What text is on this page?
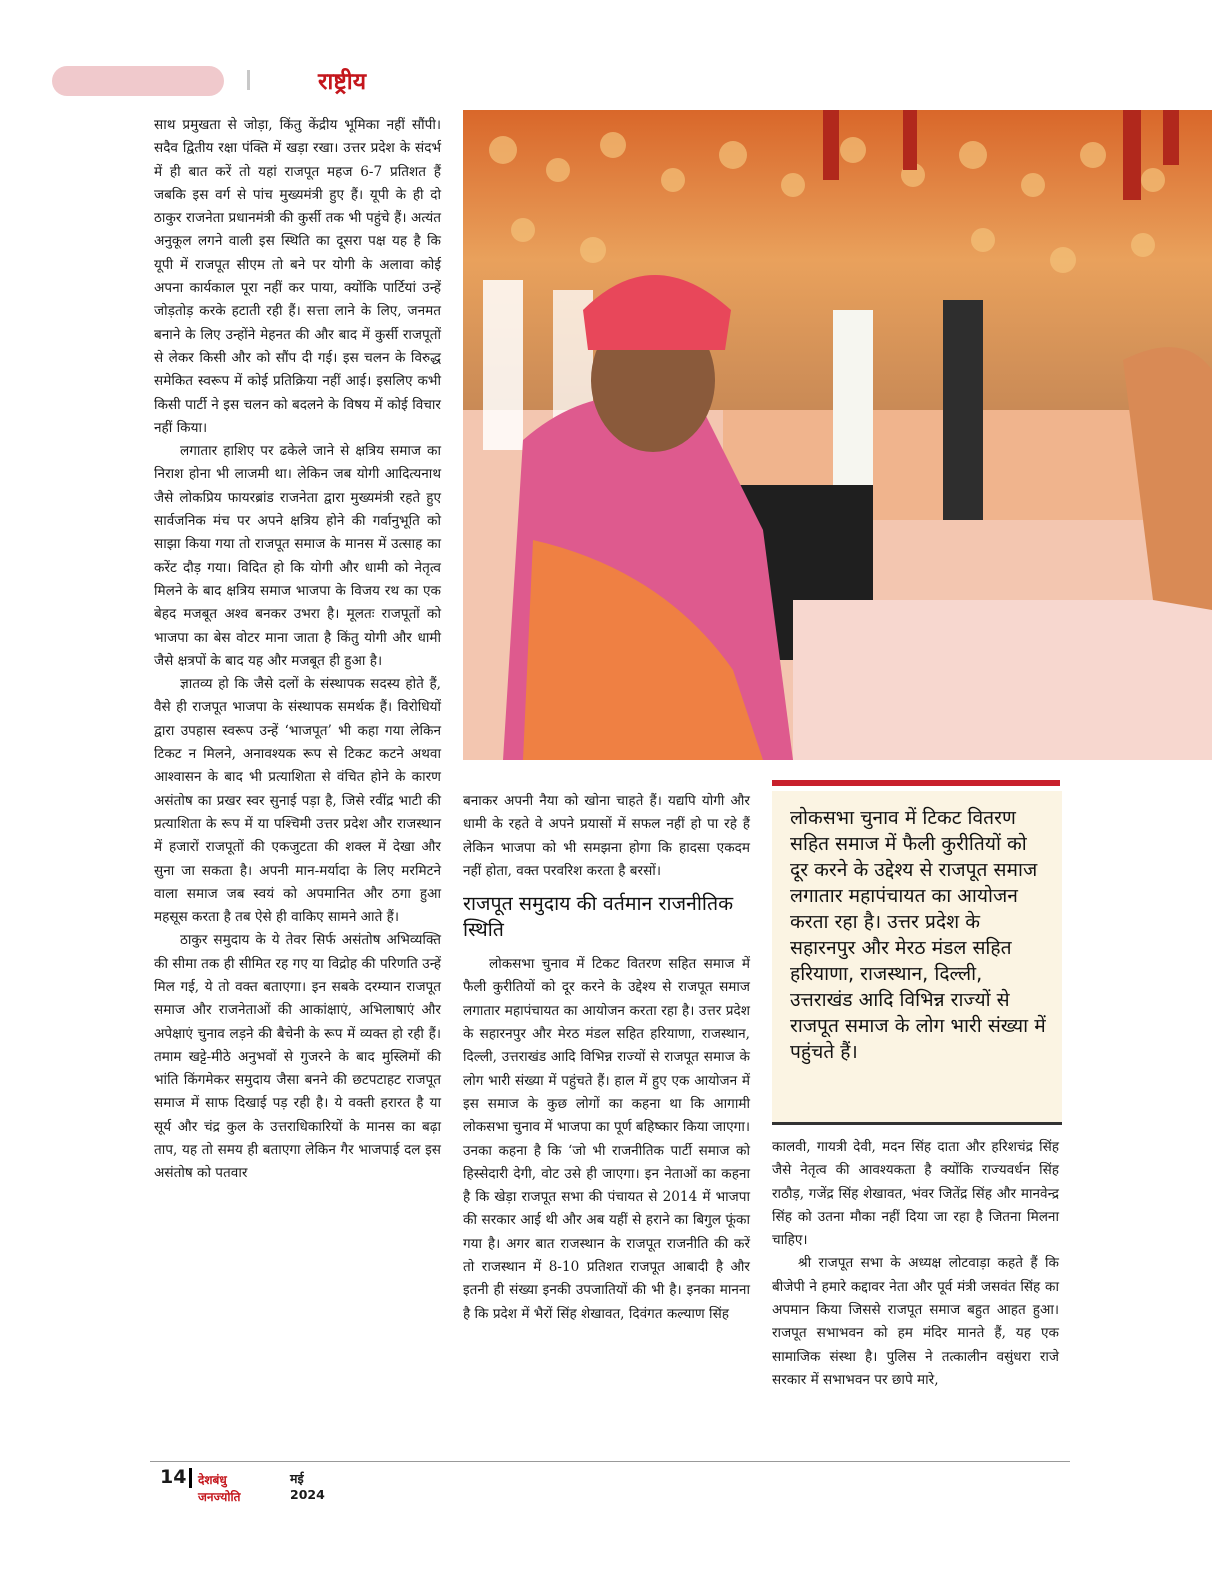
राष्ट्रीय

साथ प्रमुखता से जोड़ा, किंतु केंद्रीय भूमिका नहीं सौंपी। सदैव द्वितीय रक्षा पंक्ति में खड़ा रखा। उत्तर प्रदेश के संदर्भ में ही बात करें तो यहां राजपूत महज 6-7 प्रतिशत हैं जबकि इस वर्ग से पांच मुख्यमंत्री हुए हैं। यूपी के ही दो ठाकुर राजनेता प्रधानमंत्री की कुर्सी तक भी पहुंचे हैं। अत्यंत अनुकूल लगने वाली इस स्थिति का दूसरा पक्ष यह है कि यूपी में राजपूत सीएम तो बने पर योगी के अलावा कोई अपना कार्यकाल पूरा नहीं कर पाया, क्योंकि पार्टियां उन्हें जोड़तोड़ करके हटाती रही हैं। सत्ता लाने के लिए, जनमत बनाने के लिए उन्होंने मेहनत की और बाद में कुर्सी राजपूतों से लेकर किसी और को सौंप दी गई। इस चलन के विरुद्ध समेकित स्वरूप में कोई प्रतिक्रिया नहीं आई। इसलिए कभी किसी पार्टी ने इस चलन को बदलने के विषय में कोई विचार नहीं किया।

लगातार हाशिए पर ढकेले जाने से क्षत्रिय समाज का निराश होना भी लाजमी था। लेकिन जब योगी आदित्यनाथ जैसे लोकप्रिय फायरब्रांड राजनेता द्वारा मुख्यमंत्री रहते हुए सार्वजनिक मंच पर अपने क्षत्रिय होने की गर्वानुभूति को साझा किया गया तो राजपूत समाज के मानस में उत्साह का करेंट दौड़ गया। विदित हो कि योगी और धामी को नेतृत्व मिलने के बाद क्षत्रिय समाज भाजपा के विजय रथ का एक बेहद मजबूत अश्व बनकर उभरा है। मूलतः राजपूतों को भाजपा का बेस वोटर माना जाता है किंतु योगी और धामी जैसे क्षत्रपों के बाद यह और मजबूत ही हुआ है।

ज्ञातव्य हो कि जैसे दलों के संस्थापक सदस्य होते हैं, वैसे ही राजपूत भाजपा के संस्थापक समर्थक हैं। विरोधियों द्वारा उपहास स्वरूप उन्हें ‘भाजपूत’ भी कहा गया लेकिन टिकट न मिलने, अनावश्यक रूप से टिकट कटने अथवा आश्वासन के बाद भी प्रत्याशिता से वंचित होने के कारण असंतोष का प्रखर स्वर सुनाई पड़ा है, जिसे रवींद्र भाटी की प्रत्याशिता के रूप में या पश्चिमी उत्तर प्रदेश और राजस्थान में हजारों राजपूतों की एकजुटता की शक्ल में देखा और सुना जा सकता है। अपनी मान-मर्यादा के लिए मरमिटने वाला समाज जब स्वयं को अपमानित और ठगा हुआ महसूस करता है तब ऐसे ही वाकिए सामने आते हैं।

ठाकुर समुदाय के ये तेवर सिर्फ असंतोष अभिव्यक्ति की सीमा तक ही सीमित रह गए या विद्रोह की परिणति उन्हें मिल गई, ये तो वक्त बताएगा। इन सबके दरम्यान राजपूत समाज और राजनेताओं की आकांक्षाएं, अभिलाषाएं और अपेक्षाएं चुनाव लड़ने की बैचेनी के रूप में व्यक्त हो रही हैं। तमाम खट्टे-मीठे अनुभवों से गुजरने के बाद मुस्लिमों की भांति किंगमेकर समुदाय जैसा बनने की छटपटाहट राजपूत समाज में साफ दिखाई पड़ रही है। ये वक्ती हरारत है या सूर्य और चंद्र कुल के उत्तराधिकारियों के मानस का बढ़ा ताप, यह तो समय ही बताएगा लेकिन गैर भाजपाई दल इस असंतोष को पतवार

बनाकर अपनी नैया को खोना चाहते हैं। यद्यपि योगी और धामी के रहते वे अपने प्रयासों में सफल नहीं हो पा रहे हैं लेकिन भाजपा को भी समझना होगा कि हादसा एकदम नहीं होता, वक्त परवरिश करता है बरसों।

राजपूत समुदाय की वर्तमान राजनीतिक स्थिति

लोकसभा चुनाव में टिकट वितरण सहित समाज में फैली कुरीतियों को दूर करने के उद्देश्य से राजपूत समाज लगातार महापंचायत का आयोजन करता रहा है। उत्तर प्रदेश के सहारनपुर और मेरठ मंडल सहित हरियाणा, राजस्थान, दिल्ली, उत्तराखंड आदि विभिन्न राज्यों से राजपूत समाज के लोग भारी संख्या में पहुंचते हैं। हाल में हुए एक आयोजन में इस समाज के कुछ लोगों का कहना था कि आगामी लोकसभा चुनाव में भाजपा का पूर्ण बहिष्कार किया जाएगा। उनका कहना है कि ‘जो भी राजनीतिक पार्टी समाज को हिस्सेदारी देगी, वोट उसे ही जाएगा। इन नेताओं का कहना है कि खेड़ा राजपूत सभा की पंचायत से 2014 में भाजपा की सरकार आई थी और अब यहीं से हराने का बिगुल फूंका गया है। अगर बात राजस्थान के राजपूत राजनीति की करें तो राजस्थान में 8-10 प्रतिशत राजपूत आबादी है और इतनी ही संख्या इनकी उपजातियों की भी है। इनका मानना है कि प्रदेश में भैरों सिंह शेखावत, दिवंगत कल्याण सिंह

लोकसभा चुनाव में टिकट वितरण सहित समाज में फैली कुरीतियों को दूर करने के उद्देश्य से राजपूत समाज लगातार महापंचायत का आयोजन करता रहा है। उत्तर प्रदेश के सहारनपुर और मेरठ मंडल सहित हरियाणा, राजस्थान, दिल्ली, उत्तराखंड आदि विभिन्न राज्यों से राजपूत समाज के लोग भारी संख्या में पहुंचते हैं।

कालवी, गायत्री देवी, मदन सिंह दाता और हरिशचंद्र सिंह जैसे नेतृत्व की आवश्यकता है क्योंकि राज्यवर्धन सिंह राठौड़, गजेंद्र सिंह शेखावत, भंवर जितेंद्र सिंह और मानवेन्द्र सिंह को उतना मौका नहीं दिया जा रहा है जितना मिलना चाहिए।

श्री राजपूत सभा के अध्यक्ष लोटवाड़ा कहते हैं कि बीजेपी ने हमारे कद्दावर नेता और पूर्व मंत्री जसवंत सिंह का अपमान किया जिससे राजपूत समाज बहुत आहत हुआ। राजपूत सभाभवन को हम मंदिर मानते हैं, यह एक सामाजिक संस्था है। पुलिस ने तत्कालीन वसुंधरा राजे सरकार में सभाभवन पर छापे मारे,

14 देशबंधु जनज्योति
मई 2024
